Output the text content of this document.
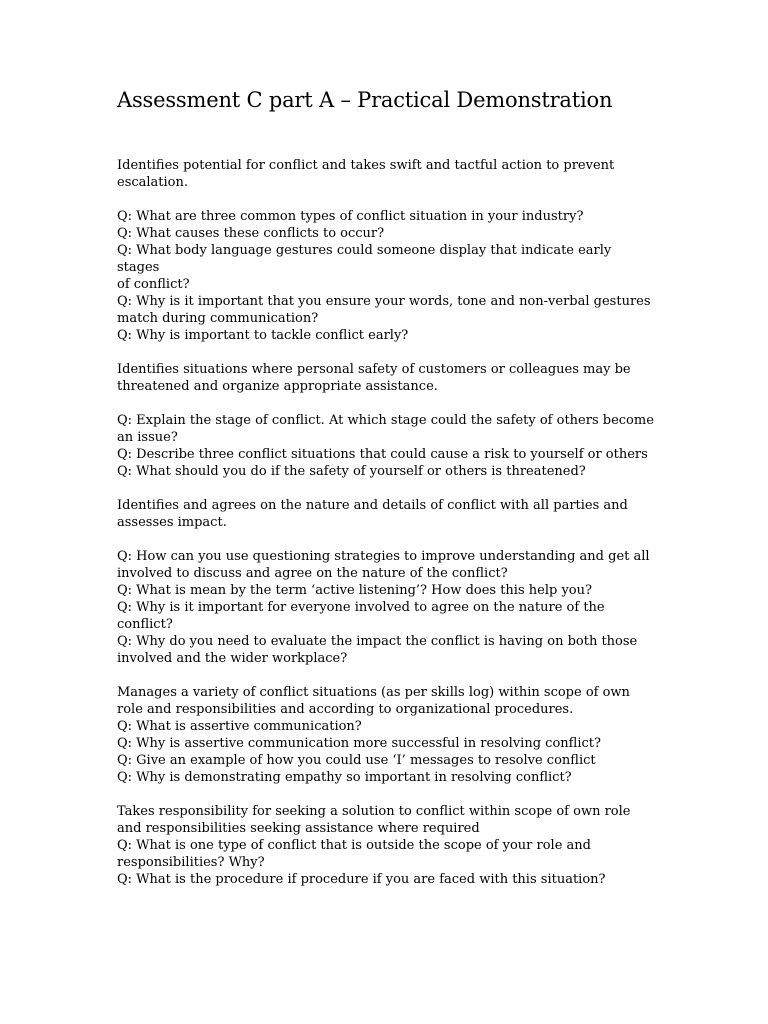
Assessment C part A – Practical Demonstration

Identifies potential for conflict and takes swift and tactful action to prevent

escalation.

Q: What are three common types of conflict situation in your industry?

Q: What causes these conflicts to occur?

Q: What body language gestures could someone display that indicate early stages

of conflict?

Q: Why is it important that you ensure your words, tone and non-verbal gestures

match during communication?

Q: Why is important to tackle conflict early?

Identifies situations where personal safety of customers or colleagues may be

threatened and organize appropriate assistance.

Q: Explain the stage of conflict. At which stage could the safety of others become

an issue?

Q: Describe three conflict situations that could cause a risk to yourself or others

Q: What should you do if the safety of yourself or others is threatened?

Identifies and agrees on the nature and details of conflict with all parties and

assesses impact.

Q: How can you use questioning strategies to improve understanding and get all

involved to discuss and agree on the nature of the conflict?

Q: What is mean by the term ‘active listening’? How does this help you?

Q: Why is it important for everyone involved to agree on the nature of the

conflict?

Q: Why do you need to evaluate the impact the conflict is having on both those

involved and the wider workplace?

Manages a variety of conflict situations (as per skills log) within scope of own

role and responsibilities and according to organizational procedures.

Q: What is assertive communication?

Q: Why is assertive communication more successful in resolving conflict?

Q: Give an example of how you could use ‘I’ messages to resolve conflict

Q: Why is demonstrating empathy so important in resolving conflict?

Takes responsibility for seeking a solution to conflict within scope of own role

and responsibilities seeking assistance where required

Q: What is one type of conflict that is outside the scope of your role and

responsibilities? Why?

Q: What is the procedure if procedure if you are faced with this situation?
